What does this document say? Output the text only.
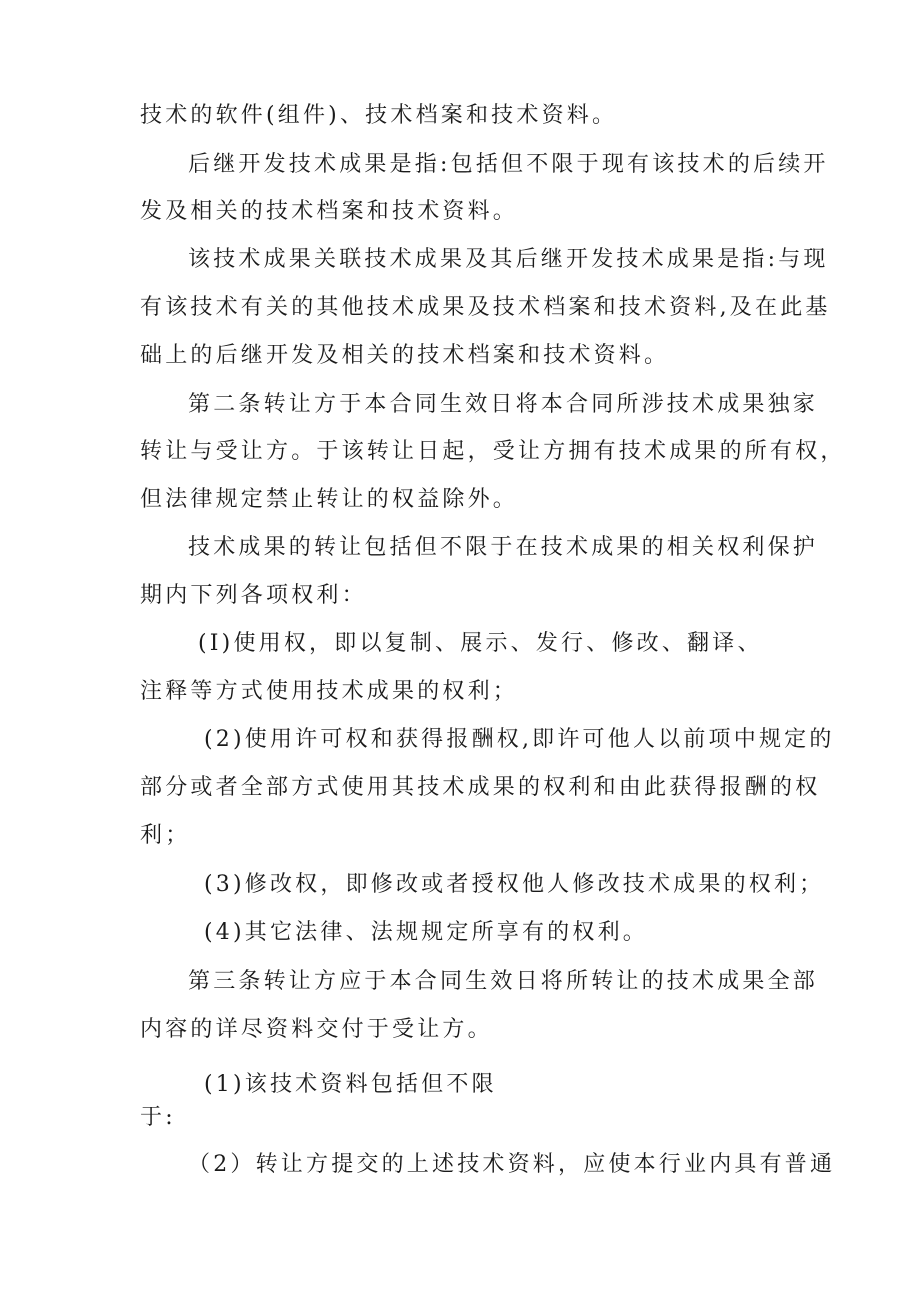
技术的软件(组件)、技术档案和技术资料。
后继开发技术成果是指:包括但不限于现有该技术的后续开
发及相关的技术档案和技术资料。
该技术成果关联技术成果及其后继开发技术成果是指:与现
有该技术有关的其他技术成果及技术档案和技术资料,及在此基
础上的后继开发及相关的技术档案和技术资料。
第二条转让方于本合同生效日将本合同所涉技术成果独家
转让与受让方。于该转让日起，受让方拥有技术成果的所有权，
但法律规定禁止转让的权益除外。
技术成果的转让包括但不限于在技术成果的相关权利保护
期内下列各项权利：
(I)使用权，即以复制、展示、发行、修改、翻译、
注释等方式使用技术成果的权利；
(2)使用许可权和获得报酬权,即许可他人以前项中规定的
部分或者全部方式使用其技术成果的权利和由此获得报酬的权
利；
(3)修改权，即修改或者授权他人修改技术成果的权利；
(4)其它法律、法规规定所享有的权利。
第三条转让方应于本合同生效日将所转让的技术成果全部
内容的详尽资料交付于受让方。
(1)该技术资料包括但不限
于:
（2）转让方提交的上述技术资料，应使本行业内具有普通
